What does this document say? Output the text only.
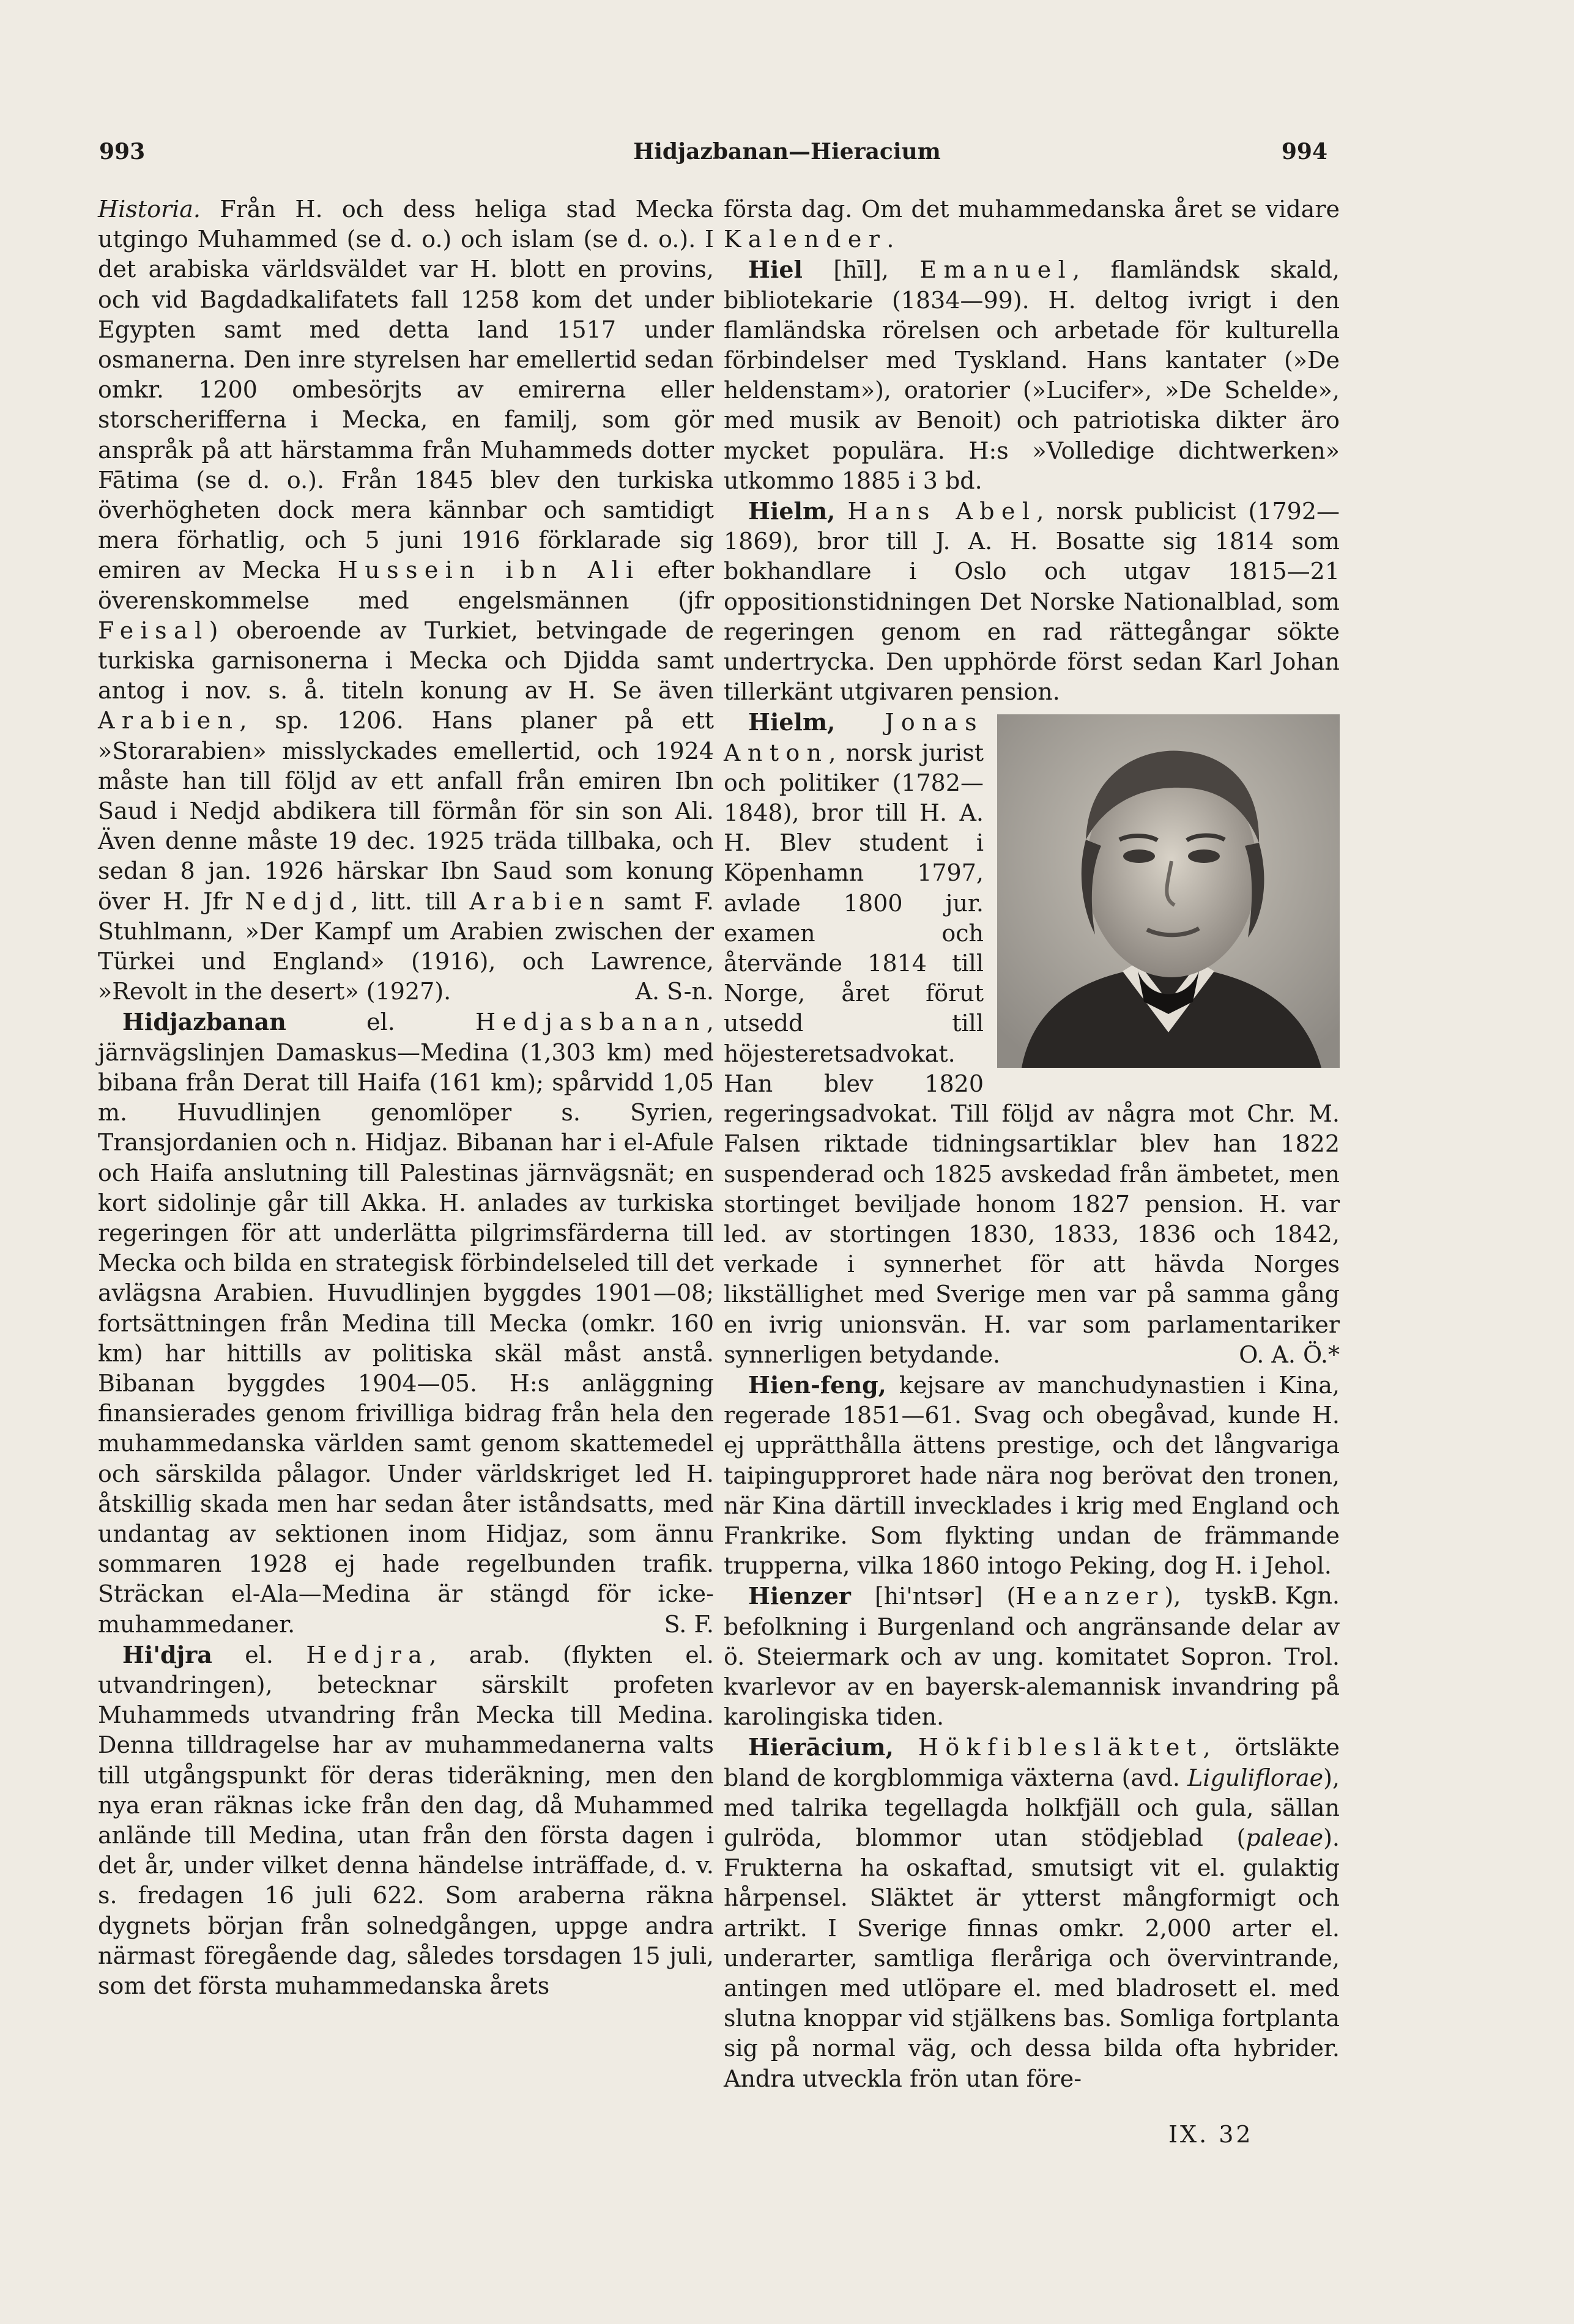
993	Hidjazbanan—Hieracium	994

Historia. Från H. och dess heliga stad Mecka utgingo Muhammed (se d. o.) och islam (se d. o.). I det arabiska världsväldet var H. blott en provins, och vid Bagdadkalifatets fall 1258 kom det under Egypten samt med detta land 1517 under osmanerna. Den inre styrelsen har emellertid sedan omkr. 1200 ombesörjts av emirerna eller storscherifferna i Mecka, en familj, som gör anspråk på att härstamma från Muhammeds dotter Fātima (se d. o.). Från 1845 blev den turkiska överhögheten dock mera kännbar och samtidigt mera förhatlig, och 5 juni 1916 förklarade sig emiren av Mecka Hussein ibn Ali efter överenskommelse med engelsmännen (jfr Feisal) oberoende av Turkiet, betvingade de turkiska garnisonerna i Mecka och Djidda samt antog i nov. s. å. titeln konung av H. Se även Arabien, sp. 1206. Hans planer på ett »Storarabien» misslyckades emellertid, och 1924 måste han till följd av ett anfall från emiren Ibn Saud i Nedjd abdikera till förmån för sin son Ali. Även denne måste 19 dec. 1925 träda tillbaka, och sedan 8 jan. 1926 härskar Ibn Saud som konung över H. Jfr Nedjd, litt. till Arabien samt F. Stuhlmann, »Der Kampf um Arabien zwischen der Türkei und England» (1916), och Lawrence, »Revolt in the desert» (1927).	A. S-n.

Hidjazbanan el. Hedjasbanan, järnvägslinjen Damaskus—Medina (1,303 km) med bibana från Derat till Haifa (161 km); spårvidd 1,05 m. Huvudlinjen genomlöper s. Syrien, Transjordanien och n. Hidjaz. Bibanan har i el-Afule och Haifa anslutning till Palestinas järnvägsnät; en kort sidolinje går till Akka. H. anlades av turkiska regeringen för att underlätta pilgrimsfärderna till Mecka och bilda en strategisk förbindelseled till det avlägsna Arabien. Huvudlinjen byggdes 1901—08; fortsättningen från Medina till Mecka (omkr. 160 km) har hittills av politiska skäl måst anstå. Bibanan byggdes 1904—05. H:s anläggning finansierades genom frivilliga bidrag från hela den muhammedanska världen samt genom skattemedel och särskilda pålagor. Under världskriget led H. åtskillig skada men har sedan åter iståndsatts, med undantag av sektionen inom Hidjaz, som ännu sommaren 1928 ej hade regelbunden trafik. Sträckan el-Ala—Medina är stängd för icke-muhammedaner.	S. F.

Hi'djra el. Hedjra, arab. (flykten el. utvandringen), betecknar särskilt profeten Muhammeds utvandring från Mecka till Medina. Denna tilldragelse har av muhammedanerna valts till utgångspunkt för deras tideräkning, men den nya eran räknas icke från den dag, då Muhammed anlände till Medina, utan från den första dagen i det år, under vilket denna händelse inträffade, d. v. s. fredagen 16 juli 622. Som araberna räkna dygnets början från solnedgången, uppge andra närmast föregående dag, således torsdagen 15 juli, som det första muhammedanska årets

första dag. Om det muhammedanska året se vidare Kalender.

Hiel [hīl], Emanuel, flamländsk skald, bibliotekarie (1834—99). H. deltog ivrigt i den flamländska rörelsen och arbetade för kulturella förbindelser med Tyskland. Hans kantater (»De heldenstam»), oratorier (»Lucifer», »De Schelde», med musik av Benoit) och patriotiska dikter äro mycket populära. H:s »Volledige dichtwerken» utkommo 1885 i 3 bd.

Hielm, Hans Abel, norsk publicist (1792—1869), bror till J. A. H. Bosatte sig 1814 som bokhandlare i Oslo och utgav 1815—21 oppositionstidningen Det Norske Nationalblad, som regeringen genom en rad rättegångar sökte undertrycka. Den upphörde först sedan Karl Johan tillerkänt utgivaren pension.

Hielm, Jonas Anton, norsk jurist och politiker (1782—1848), bror till H. A. H. Blev student i Köpenhamn 1797, avlade 1800 jur. examen och återvände 1814 till Norge, året förut utsedd till höjesteretsadvokat. Han blev 1820 regeringsadvokat. Till följd av några mot Chr. M. Falsen riktade tidningsartiklar blev han 1822 suspenderad och 1825 avskedad från ämbetet, men stortinget beviljade honom 1827 pension. H. var led. av stortingen 1830, 1833, 1836 och 1842, verkade i synnerhet för att hävda Norges likställighet med Sverige men var på samma gång en ivrig unionsvän. H. var som parlamentariker synnerligen betydande.	O. A. Ö.*

Hien-feng, kejsare av manchudynastien i Kina, regerade 1851—61. Svag och obegåvad, kunde H. ej upprätthålla ättens prestige, och det långvariga taipingupproret hade nära nog berövat den tronen, när Kina därtill invecklades i krig med England och Frankrike. Som flykting undan de främmande trupperna, vilka 1860 intogo Peking, dog H. i Jehol.
B. Kgn.

Hienzer [hi'ntsər] (Heanzer), tysk befolkning i Burgenland och angränsande delar av ö. Steiermark och av ung. komitatet Sopron. Trol. kvarlevor av en bayersk-alemannisk invandring på karolingiska tiden.

Hierācium, Hökfiblesläktet, örtsläkte bland de korgblommiga växterna (avd. Liguliflorae), med talrika tegellagda holkfjäll och gula, sällan gulröda, blommor utan stödjeblad (paleae). Frukterna ha oskaftad, smutsigt vit el. gulaktig hårpensel. Släktet är ytterst mångformigt och artrikt. I Sverige finnas omkr. 2,000 arter el. underarter, samtliga fleråriga och övervintrande, antingen med utlöpare el. med bladrosett el. med slutna knoppar vid stjälkens bas. Somliga fortplanta sig på normal väg, och dessa bilda ofta hybrider. Andra utveckla frön utan före-

IX. 32
